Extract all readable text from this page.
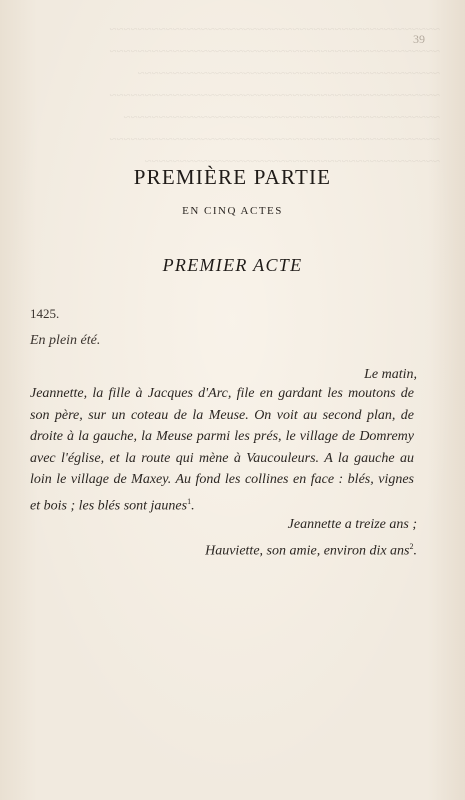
~~~~~~~~~~~~~~~~~~~~~~~~~~~~~~~~~~~~~~~~~~~~~~~

~~~~~~~~~~~~~~~~~~~~~~~~~~~~~~~~~~~~~~~~~~~~~~~

~~~~~~~~~~~~~~~~~~~~~~~~~~~~~~~~~~~~~~~~~~~

~~~~~~~~~~~~~~~~~~~~~~~~~~~~~~~~~~~~~~~~~~~~~~~

~~~~~~~~~~~~~~~~~~~~~~~~~~~~~~~~~~~~~~~~~~~~~

~~~~~~~~~~~~~~~~~~~~~~~~~~~~~~~~~~~~~~~~~~~~~~~

~~~~~~~~~~~~~~~~~~~~~~~~~~~~~~~~~~~~~~~~~~

39
PREMIÈRE PARTIE
EN CINQ ACTES
PREMIER ACTE
1425.
En plein été.
Le matin,

Jeannette, la fille à Jacques d'Arc, file en gardant les moutons de son père, sur un coteau de la Meuse. On voit au second plan, de droite à la gauche, la Meuse parmi les prés, le village de Domremy avec l'église, et la route qui mène à Vaucouleurs. A la gauche au loin le village de Maxey. Au fond les collines en face : blés, vignes et bois ; les blés sont jaunes$^1$.

Jeannette a treize ans ;
Hauviette, son amie, environ dix ans$^2$.
